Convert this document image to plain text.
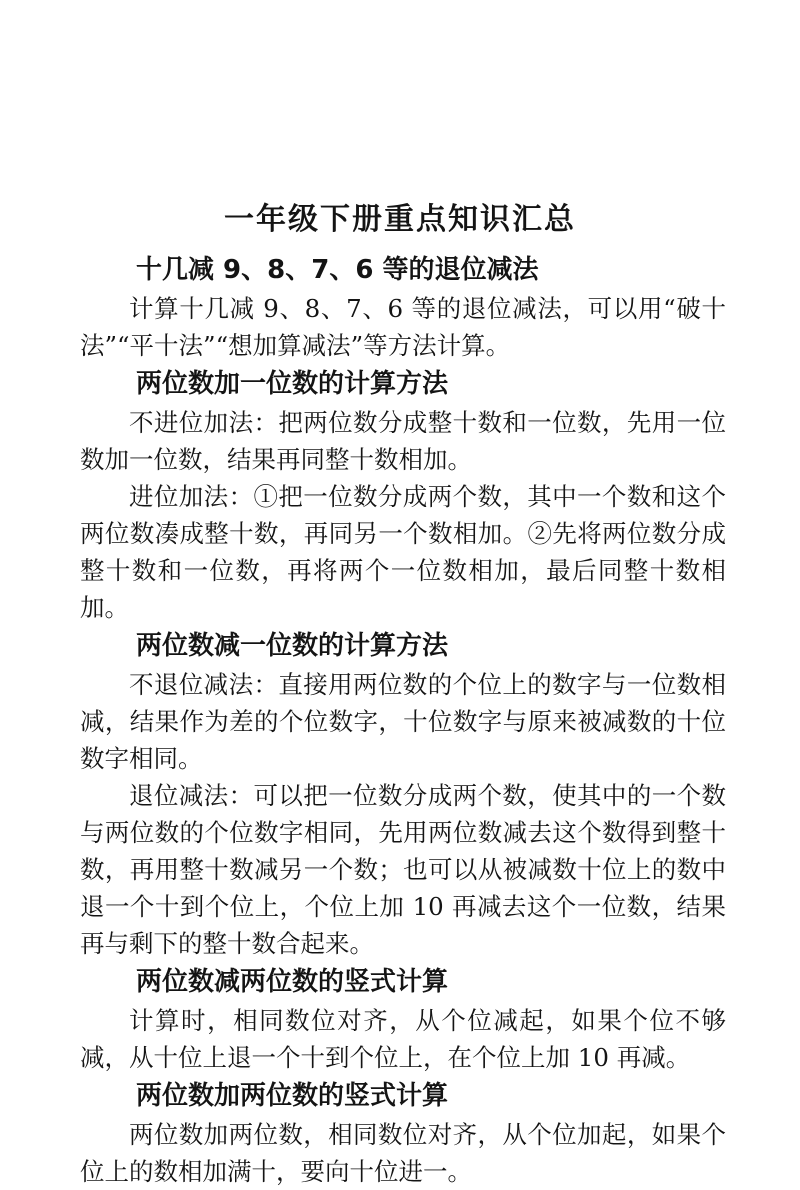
一年级下册重点知识汇总
十几减 9、8、7、6 等的退位减法

计算十几减 9、8、7、6 等的退位减法，可以用“破十法”“平十法”“想加算减法”等方法计算。

两位数加一位数的计算方法

不进位加法：把两位数分成整十数和一位数，先用一位数加一位数，结果再同整十数相加。

进位加法：①把一位数分成两个数，其中一个数和这个两位数凑成整十数，再同另一个数相加。②先将两位数分成整十数和一位数，再将两个一位数相加，最后同整十数相加。

两位数减一位数的计算方法

不退位减法：直接用两位数的个位上的数字与一位数相减，结果作为差的个位数字，十位数字与原来被减数的十位数字相同。

退位减法：可以把一位数分成两个数，使其中的一个数与两位数的个位数字相同，先用两位数减去这个数得到整十数，再用整十数减另一个数；也可以从被减数十位上的数中退一个十到个位上，个位上加 10 再减去这个一位数，结果再与剩下的整十数合起来。

两位数减两位数的竖式计算

计算时，相同数位对齐，从个位减起，如果个位不够减，从十位上退一个十到个位上，在个位上加 10 再减。

两位数加两位数的竖式计算

两位数加两位数，相同数位对齐，从个位加起，如果个位上的数相加满十，要向十位进一。
